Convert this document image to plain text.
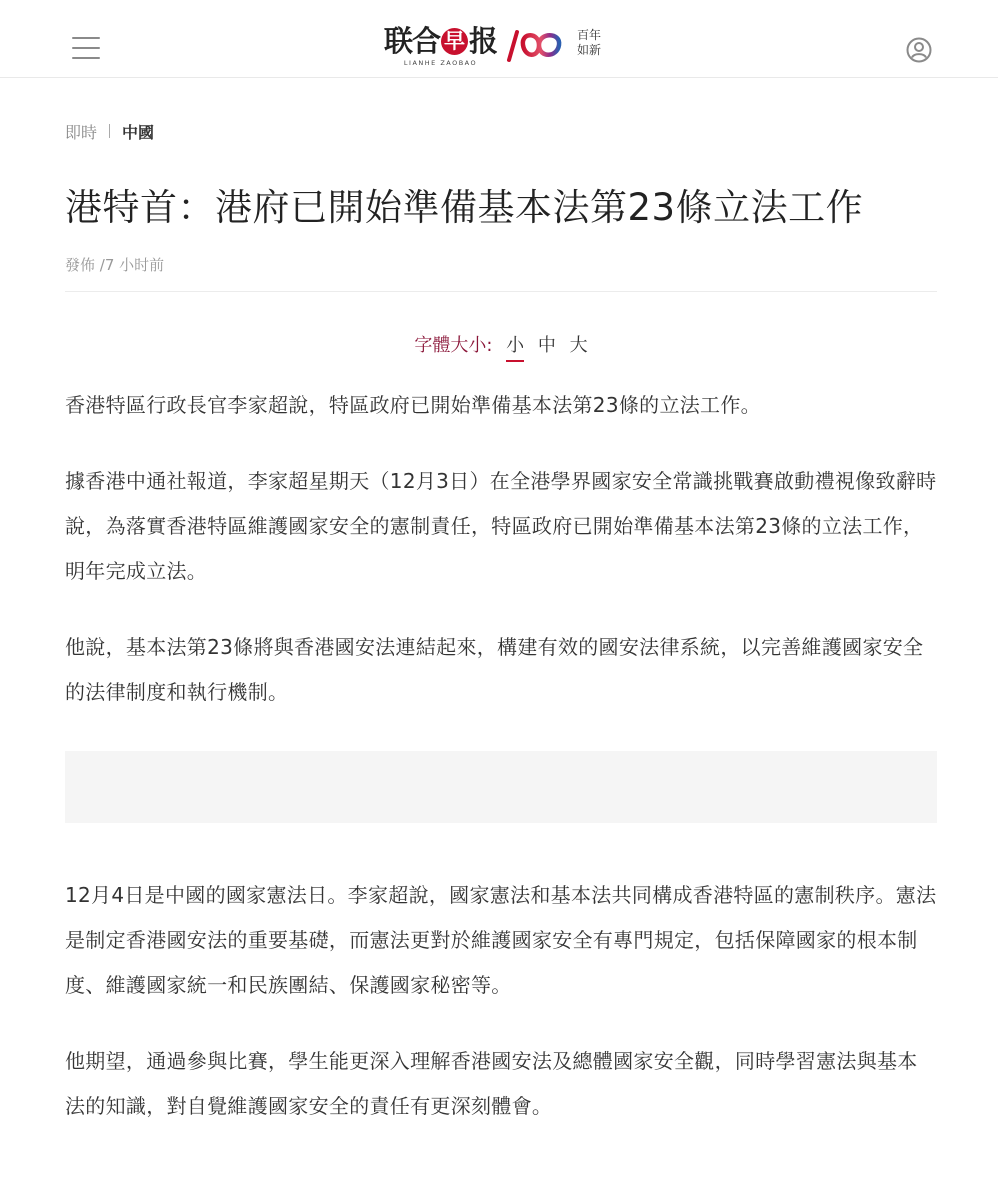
联合 早 报
LIANHE ZAOBAO
百年
如新
即時 中國
港特首：港府已開始準備基本法第23條立法工作
發佈 /7 小时前
字體大小: 小 中 大

香港特區行政長官李家超說，特區政府已開始準備基本法第23條的立法工作。

據香港中通社報道，李家超星期天（12月3日）在全港學界國家安全常識挑戰賽啟動禮視像致辭時說，為落實香港特區維護國家安全的憲制責任，特區政府已開始準備基本法第23條的立法工作，明年完成立法。

他說，基本法第23條將與香港國安法連結起來，構建有效的國安法律系統，以完善維護國家安全的法律制度和執行機制。

12月4日是中國的國家憲法日。李家超說，國家憲法和基本法共同構成香港特區的憲制秩序。憲法是制定香港國安法的重要基礎，而憲法更對於維護國家安全有專門規定，包括保障國家的根本制度、維護國家統一和民族團結、保護國家秘密等。

他期望，通過參與比賽，學生能更深入理解香港國安法及總體國家安全觀，同時學習憲法與基本法的知識，對自覺維護國家安全的責任有更深刻體會。
